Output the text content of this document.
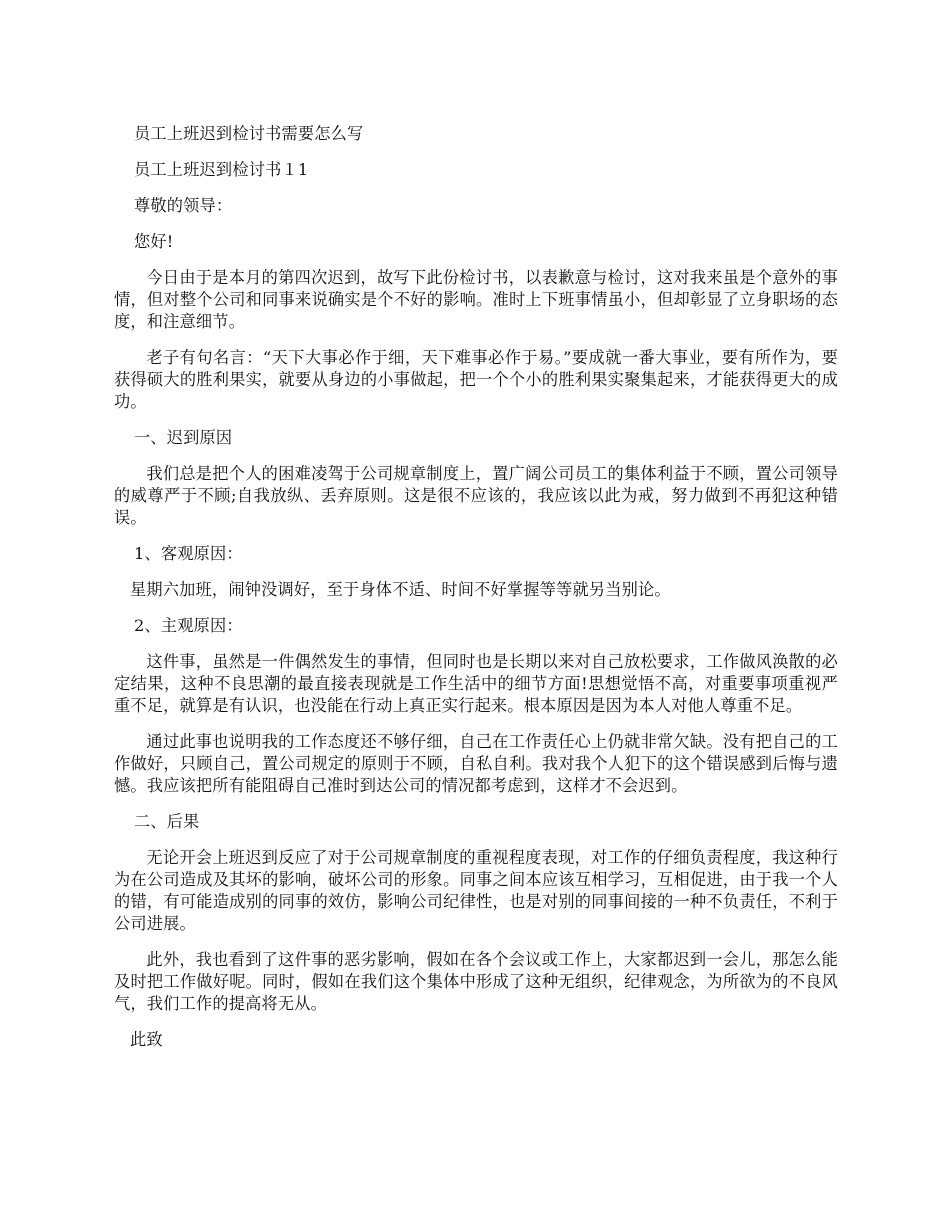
员工上班迟到检讨书需要怎么写

员工上班迟到检讨书１1

尊敬的领导：

您好!

今日由于是本月的第四次迟到，故写下此份检讨书，以表歉意与检讨，这对我来虽是个意外的事情，但对整个公司和同事来说确实是个不好的影响。准时上下班事情虽小，但却彰显了立身职场的态度，和注意细节。

老子有句名言：“天下大事必作于细，天下难事必作于易。”要成就一番大事业，要有所作为，要获得硕大的胜利果实，就要从身边的小事做起，把一个个小的胜利果实聚集起来，才能获得更大的成功。

一、迟到原因

我们总是把个人的困难凌驾于公司规章制度上，置广阔公司员工的集体利益于不顾，置公司领导的威尊严于不顾;自我放纵、丢弃原则。这是很不应该的，我应该以此为戒，努力做到不再犯这种错误。

1、客观原因：

星期六加班，闹钟没调好，至于身体不适、时间不好掌握等等就另当别论。

2、主观原因：

这件事，虽然是一件偶然发生的事情，但同时也是长期以来对自己放松要求，工作做风涣散的必定结果，这种不良思潮的最直接表现就是工作生活中的细节方面!思想觉悟不高，对重要事项重视严重不足，就算是有认识，也没能在行动上真正实行起来。根本原因是因为本人对他人尊重不足。

通过此事也说明我的工作态度还不够仔细，自己在工作责任心上仍就非常欠缺。没有把自己的工作做好，只顾自己，置公司规定的原则于不顾，自私自利。我对我个人犯下的这个错误感到后悔与遗憾。我应该把所有能阻碍自己准时到达公司的情况都考虑到，这样才不会迟到。

二、后果

无论开会上班迟到反应了对于公司规章制度的重视程度表现，对工作的仔细负责程度，我这种行为在公司造成及其坏的影响，破坏公司的形象。同事之间本应该互相学习，互相促进，由于我一个人的错，有可能造成别的同事的效仿，影响公司纪律性，也是对别的同事间接的一种不负责任，不利于公司进展。

此外，我也看到了这件事的恶劣影响，假如在各个会议或工作上，大家都迟到一会儿，那怎么能及时把工作做好呢。同时，假如在我们这个集体中形成了这种无组织，纪律观念，为所欲为的不良风气，我们工作的提高将无从。

此致
